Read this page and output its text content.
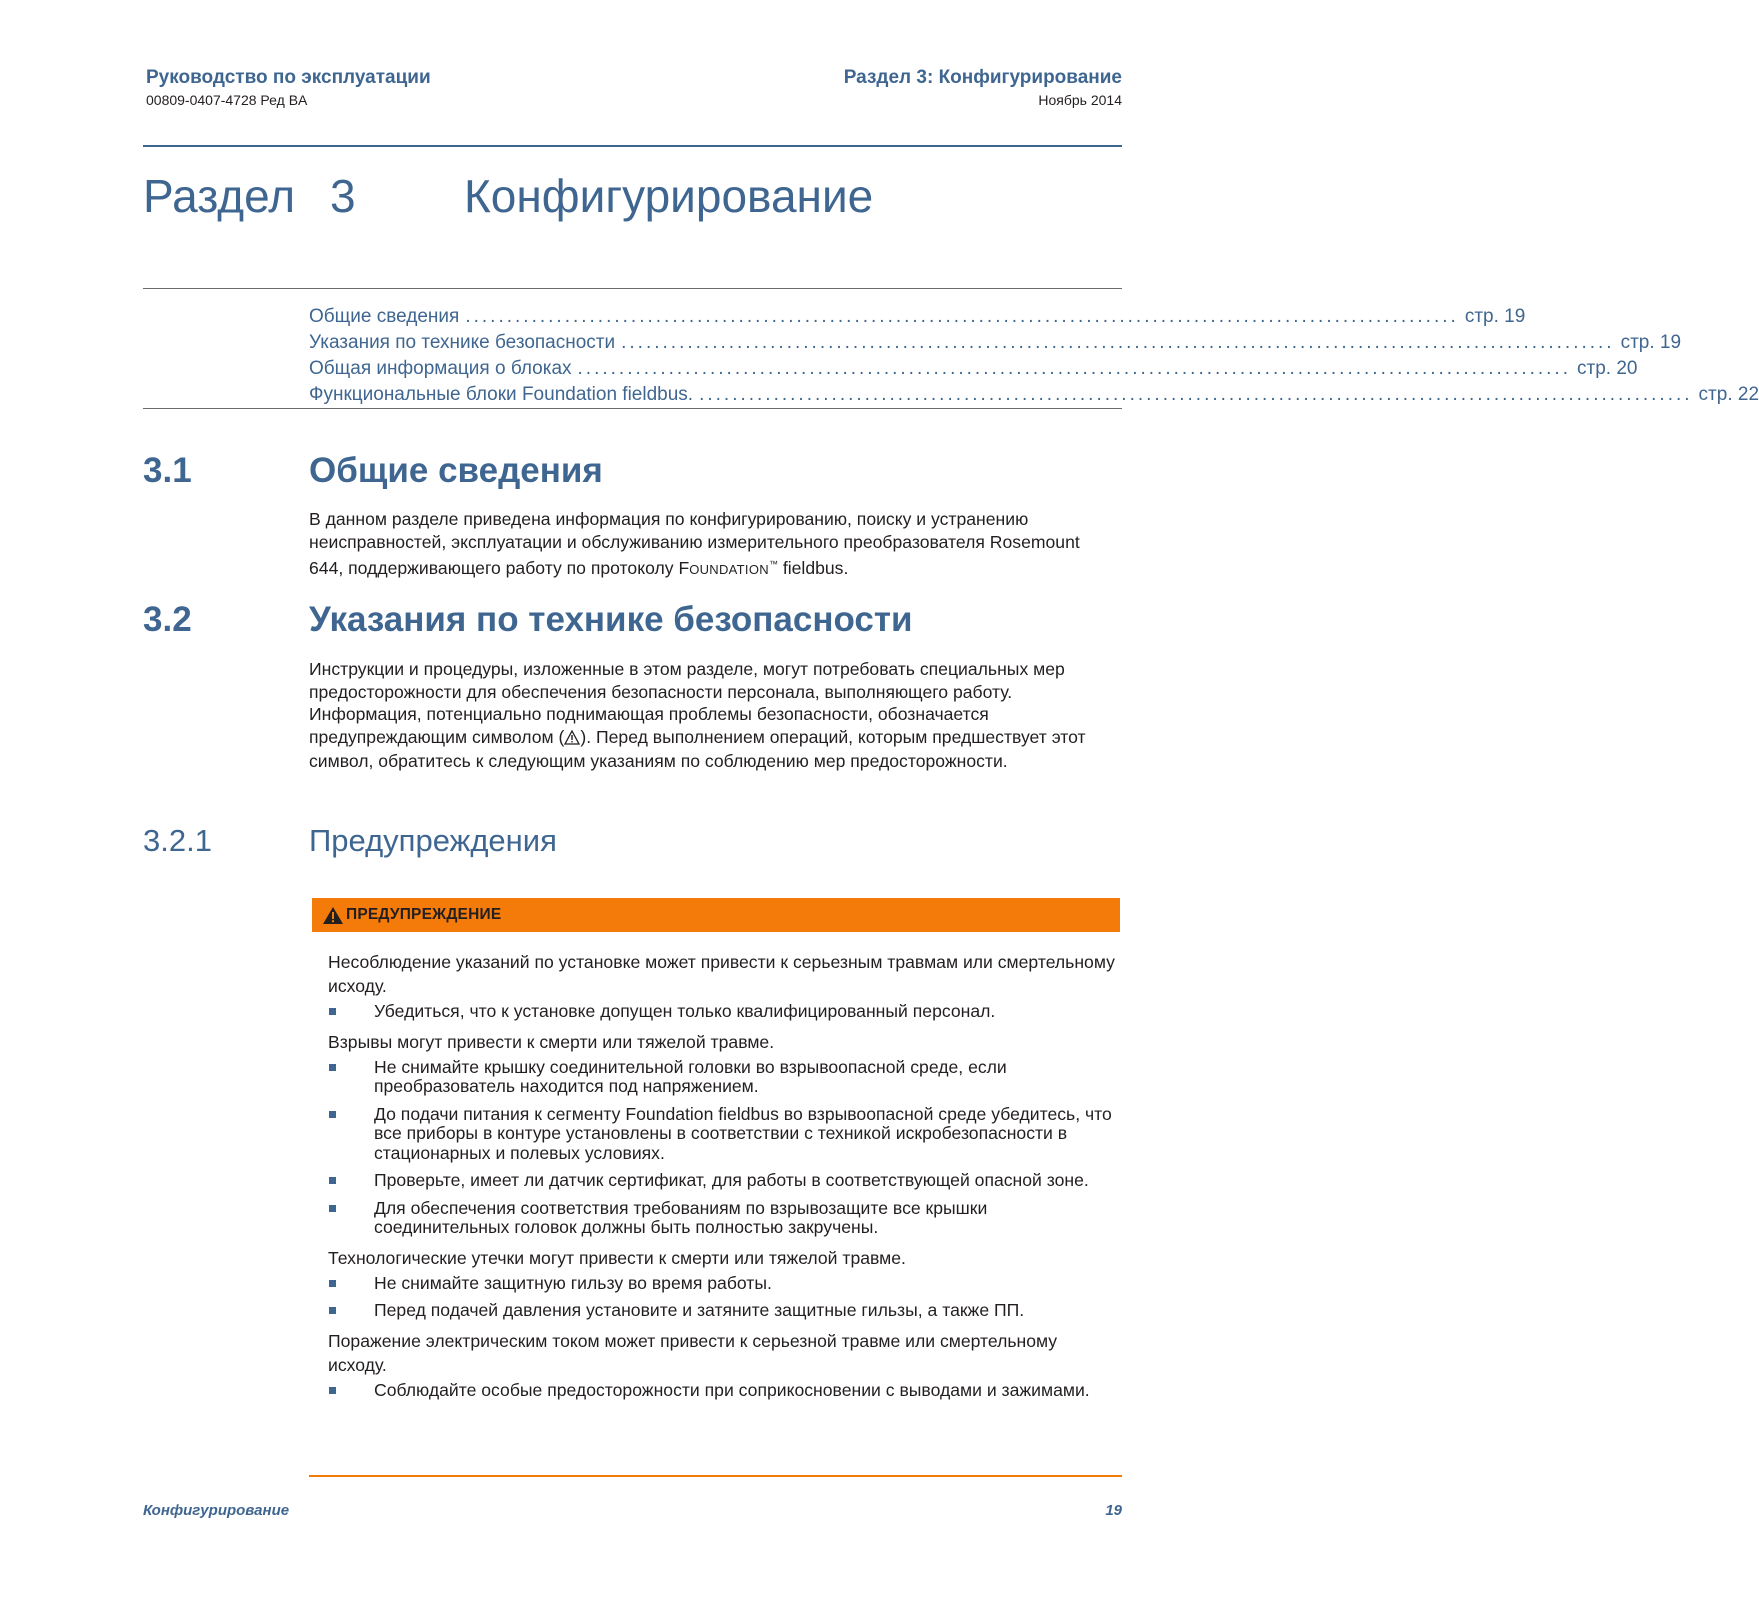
Руководство по эксплуатации
00809-0407-4728 Ред BA
Раздел 3: Конфигурирование
Ноябрь 2014
Раздел 3 Конфигурирование
Общие сведения ........................................................................................................................ стр. 19
Указания по технике безопасности ........................................................................................................................ стр. 19
Общая информация о блоках ........................................................................................................................ стр. 20
Функциональные блоки Foundation fieldbus. ........................................................................................................................ стр. 22
3.1	Общие сведения
В данном разделе приведена информация по конфигурированию, поиску и устранению неисправностей, эксплуатации и обслуживанию измерительного преобразователя Rosemount 644, поддерживающего работу по протоколу FOUNDATION™ fieldbus.
3.2	Указания по технике безопасности
Инструкции и процедуры, изложенные в этом разделе, могут потребовать специальных мер предосторожности для обеспечения безопасности персонала, выполняющего работу. Информация, потенциально поднимающая проблемы безопасности, обозначается предупреждающим символом ( ). Перед выполнением операций, которым предшествует этот символ, обратитесь к следующим указаниям по соблюдению мер предосторожности.
3.2.1	Предупреждения
ПРЕДУПРЕЖДЕНИЕ

Несоблюдение указаний по установке может привести к серьезным травмам или смертельному исходу.

Убедиться, что к установке допущен только квалифицированный персонал.

Взрывы могут привести к смерти или тяжелой травме.

Не снимайте крышку соединительной головки во взрывоопасной среде, если преобразователь находится под напряжением.
До подачи питания к сегменту Foundation fieldbus во взрывоопасной среде убедитесь, что все приборы в контуре установлены в соответствии с техникой искробезопасности в стационарных и полевых условиях.
Проверьте, имеет ли датчик сертификат, для работы в соответствующей опасной зоне.
Для обеспечения соответствия требованиям по взрывозащите все крышки соединительных головок должны быть полностью закручены.

Технологические утечки могут привести к смерти или тяжелой травме.

Не снимайте защитную гильзу во время работы.
Перед подачей давления установите и затяните защитные гильзы, а также ПП.

Поражение электрическим током может привести к серьезной травме или смертельному исходу.

Соблюдайте особые предосторожности при соприкосновении с выводами и зажимами.
Конфигурирование	19
